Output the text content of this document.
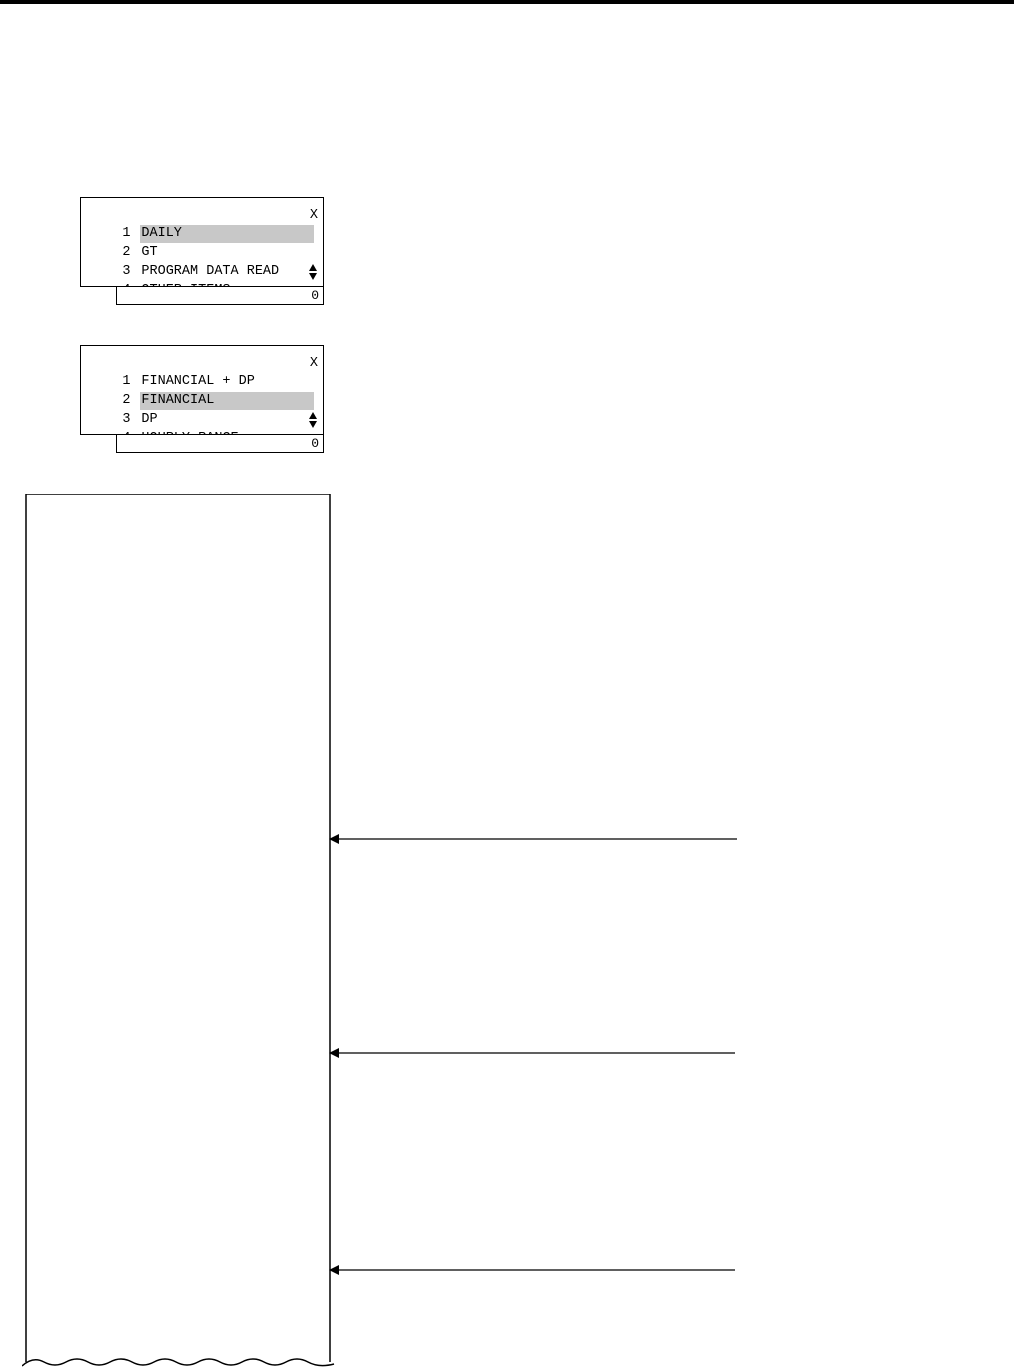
1 DAILY

2 GT

3 PROGRAM DATA READ

X
0

1 FINANCIAL + DP

2 FINANCIAL

3 DP

X
0
